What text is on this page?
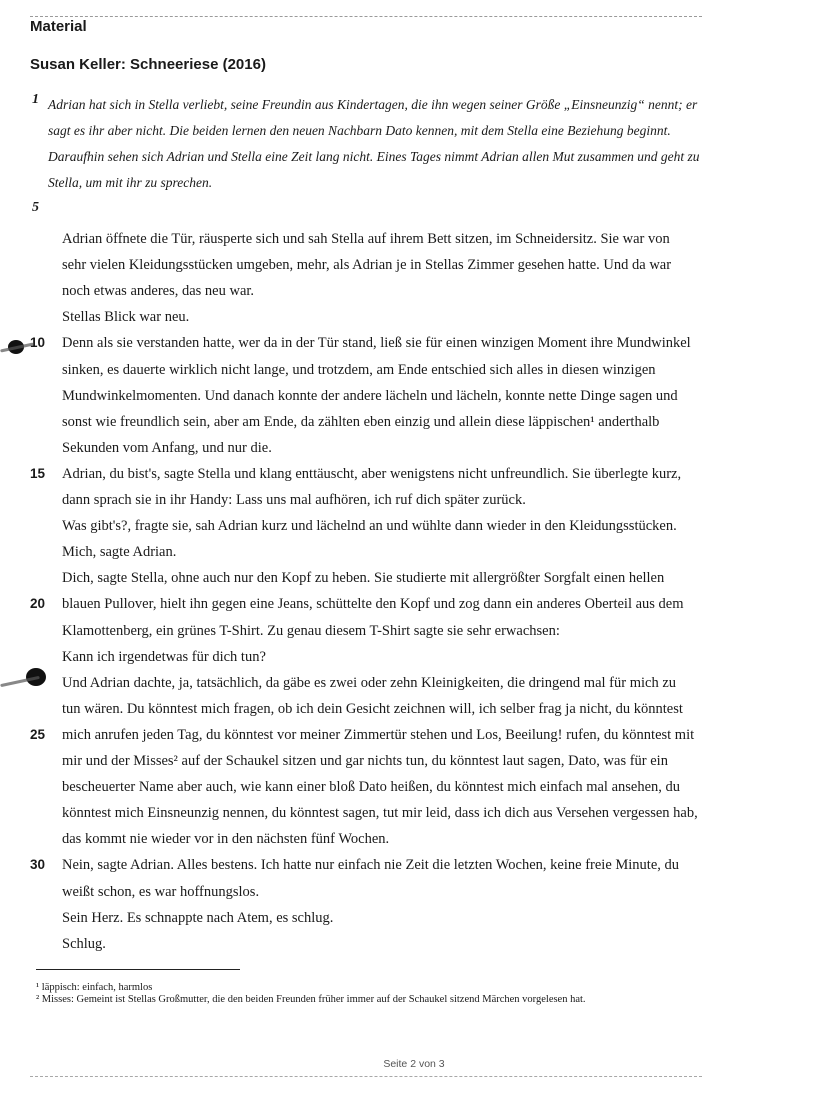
Material
Susan Keller: Schneeriese (2016)
1 Adrian hat sich in Stella verliebt, seine Freundin aus Kindertagen, die ihn wegen seiner Größe „Einsneunzig“ nennt; er sagt es ihr aber nicht. Die beiden lernen den neuen Nachbarn Dato kennen, mit dem Stella eine Beziehung beginnt. Daraufhin sehen sich Adrian und Stella eine Zeit lang nicht. Eines Tages nimmt Adrian allen Mut zusammen und geht zu Stella, um mit ihr zu sprechen.
5
Adrian öffnete die Tür, räusperte sich und sah Stella auf ihrem Bett sitzen, im Schneidersitz. Sie war von
sehr vielen Kleidungsstücken umgeben, mehr, als Adrian je in Stellas Zimmer gesehen hatte. Und da war
noch etwas anderes, das neu war.
Stellas Blick war neu.
10 Denn als sie verstanden hatte, wer da in der Tür stand, ließ sie für einen winzigen Moment ihre Mundwinkel
sinken, es dauerte wirklich nicht lange, und trotzdem, am Ende entschied sich alles in diesen winzigen
Mundwinkelmomenten. Und danach konnte der andere lächeln und lächeln, konnte nette Dinge sagen und
sonst wie freundlich sein, aber am Ende, da zählten eben einzig und allein diese läppischen¹ anderthalb
Sekunden vom Anfang, und nur die.
15 Adrian, du bist's, sagte Stella und klang enttäuscht, aber wenigstens nicht unfreundlich. Sie überlegte kurz,
dann sprach sie in ihr Handy: Lass uns mal aufhören, ich ruf dich später zurück.
Was gibt's?, fragte sie, sah Adrian kurz und lächelnd an und wühlte dann wieder in den Kleidungsstücken.
Mich, sagte Adrian.
Dich, sagte Stella, ohne auch nur den Kopf zu heben. Sie studierte mit allergrößter Sorgfalt einen hellen
20 blauen Pullover, hielt ihn gegen eine Jeans, schüttelte den Kopf und zog dann ein anderes Oberteil aus dem
Klamottenberg, ein grünes T-Shirt. Zu genau diesem T-Shirt sagte sie sehr erwachsen:
Kann ich irgendetwas für dich tun?
Und Adrian dachte, ja, tatsächlich, da gäbe es zwei oder zehn Kleinigkeiten, die dringend mal für mich zu
tun wären. Du könntest mich fragen, ob ich dein Gesicht zeichnen will, ich selber frag ja nicht, du könntest
25 mich anrufen jeden Tag, du könntest vor meiner Zimmertür stehen und Los, Beeilung! rufen, du könntest mit
mir und der Misses² auf der Schaukel sitzen und gar nichts tun, du könntest laut sagen, Dato, was für ein
bescheuerter Name aber auch, wie kann einer bloß Dato heißen, du könntest mich einfach mal ansehen, du
könntest mich Einsneunzig nennen, du könntest sagen, tut mir leid, dass ich dich aus Versehen vergessen hab,
das kommt nie wieder vor in den nächsten fünf Wochen.
30 Nein, sagte Adrian. Alles bestens. Ich hatte nur einfach nie Zeit die letzten Wochen, keine freie Minute, du
weißt schon, es war hoffnungslos.
Sein Herz. Es schnappte nach Atem, es schlug.
Schlug.
¹ läppisch: einfach, harmlos
² Misses: Gemeint ist Stellas Großmutter, die den beiden Freunden früher immer auf der Schaukel sitzend Märchen vorgelesen hat.
Seite 2 von 3
